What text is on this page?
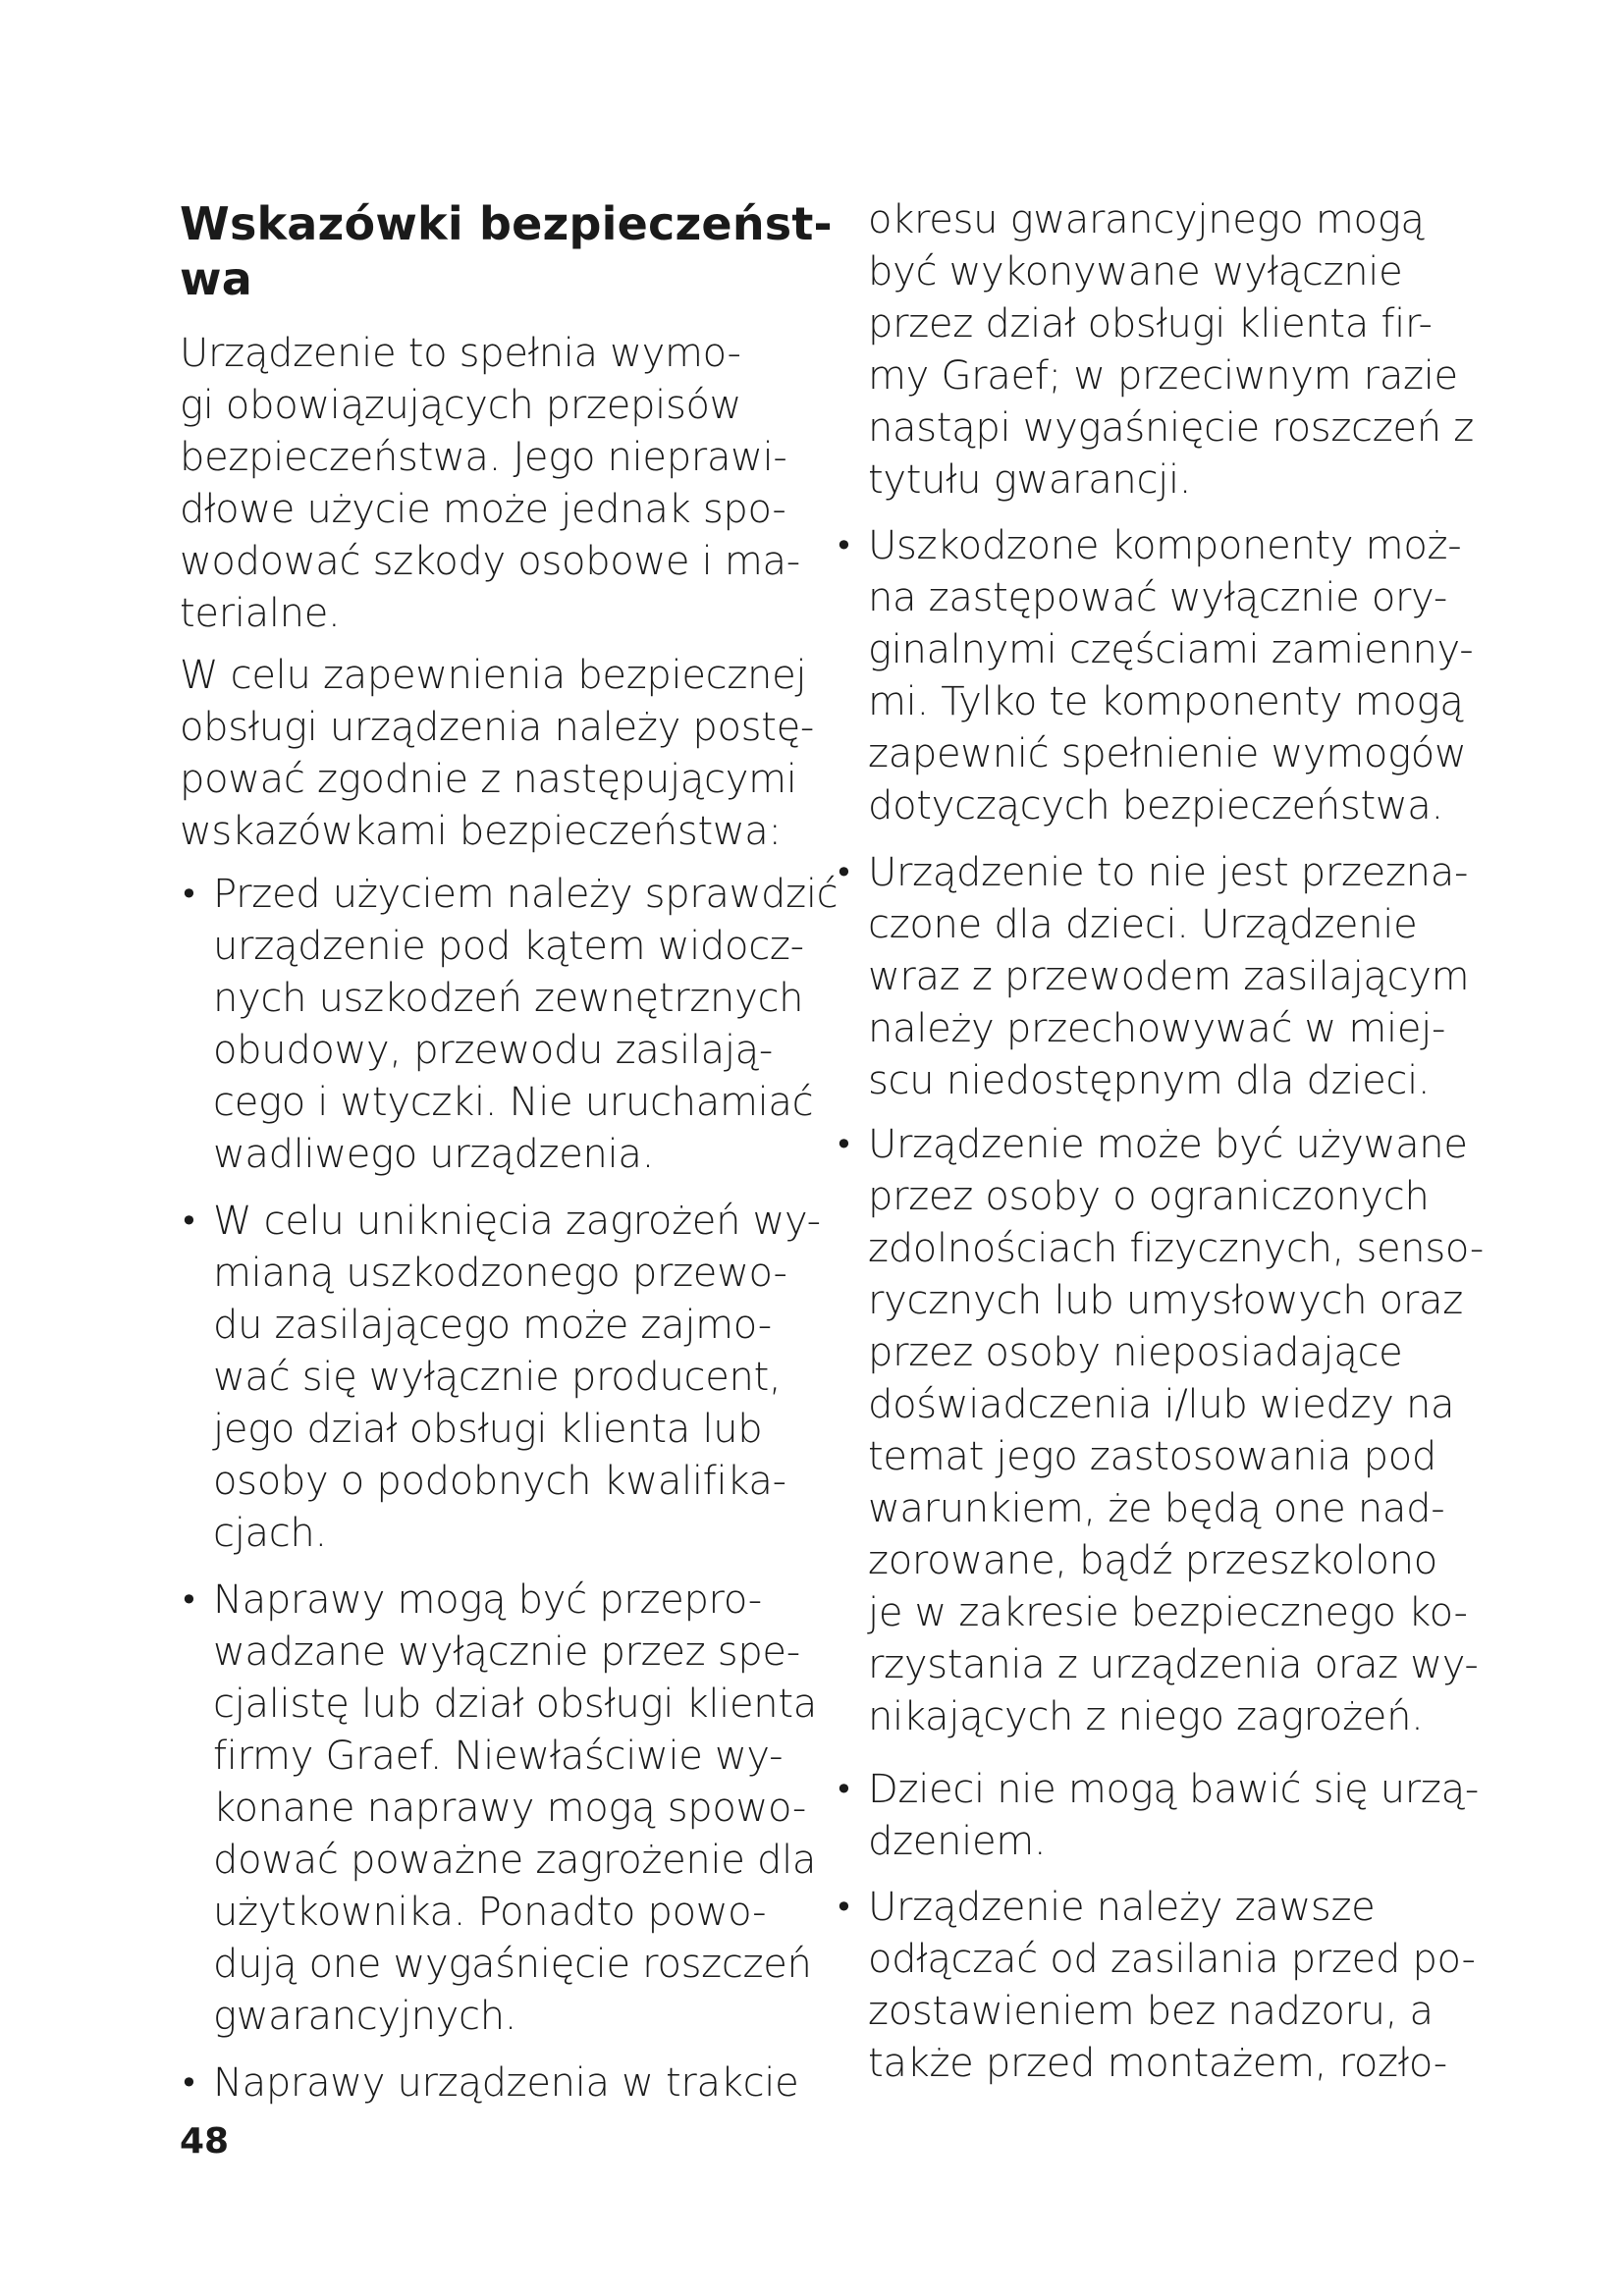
Wskazówki bezpieczeńst-
wa
Urządzenie to spełnia wymo-
gi obowiązujących przepisów
bezpieczeństwa. Jego nieprawi-
dłowe użycie może jednak spo-
wodować szkody osobowe i ma-
terialne.
W celu zapewnienia bezpiecznej
obsługi urządzenia należy postę-
pować zgodnie z następującymi
wskazówkami bezpieczeństwa:
• Przed użyciem należy sprawdzić
urządzenie pod kątem widocz-
nych uszkodzeń zewnętrznych
obudowy, przewodu zasilają-
cego i wtyczki. Nie uruchamiać
wadliwego urządzenia.
• W celu uniknięcia zagrożeń wy-
mianą uszkodzonego przewo-
du zasilającego może zajmo-
wać się wyłącznie producent,
jego dział obsługi klienta lub
osoby o podobnych kwalifika-
cjach.
• Naprawy mogą być przepro-
wadzane wyłącznie przez spe-
cjalistę lub dział obsługi klienta
firmy Graef. Niewłaściwie wy-
konane naprawy mogą spowo-
dować poważne zagrożenie dla
użytkownika. Ponadto powo-
dują one wygaśnięcie roszczeń
gwarancyjnych.
• Naprawy urządzenia w trakcie
okresu gwarancyjnego mogą
być wykonywane wyłącznie
przez dział obsługi klienta fir-
my Graef; w przeciwnym razie
nastąpi wygaśnięcie roszczeń z
tytułu gwarancji.
• Uszkodzone komponenty moż-
na zastępować wyłącznie ory-
ginalnymi częściami zamienny-
mi. Tylko te komponenty mogą
zapewnić spełnienie wymogów
dotyczących bezpieczeństwa.
• Urządzenie to nie jest przezna-
czone dla dzieci. Urządzenie
wraz z przewodem zasilającym
należy przechowywać w miej-
scu niedostępnym dla dzieci.
• Urządzenie może być używane
przez osoby o ograniczonych
zdolnościach fizycznych, senso-
rycznych lub umysłowych oraz
przez osoby nieposiadające
doświadczenia i/lub wiedzy na
temat jego zastosowania pod
warunkiem, że będą one nad-
zorowane, bądź przeszkolono
je w zakresie bezpiecznego ko-
rzystania z urządzenia oraz wy-
nikających z niego zagrożeń.
• Dzieci nie mogą bawić się urzą-
dzeniem.
• Urządzenie należy zawsze
odłączać od zasilania przed po-
zostawieniem bez nadzoru, a
także przed montażem, rozło-
48
